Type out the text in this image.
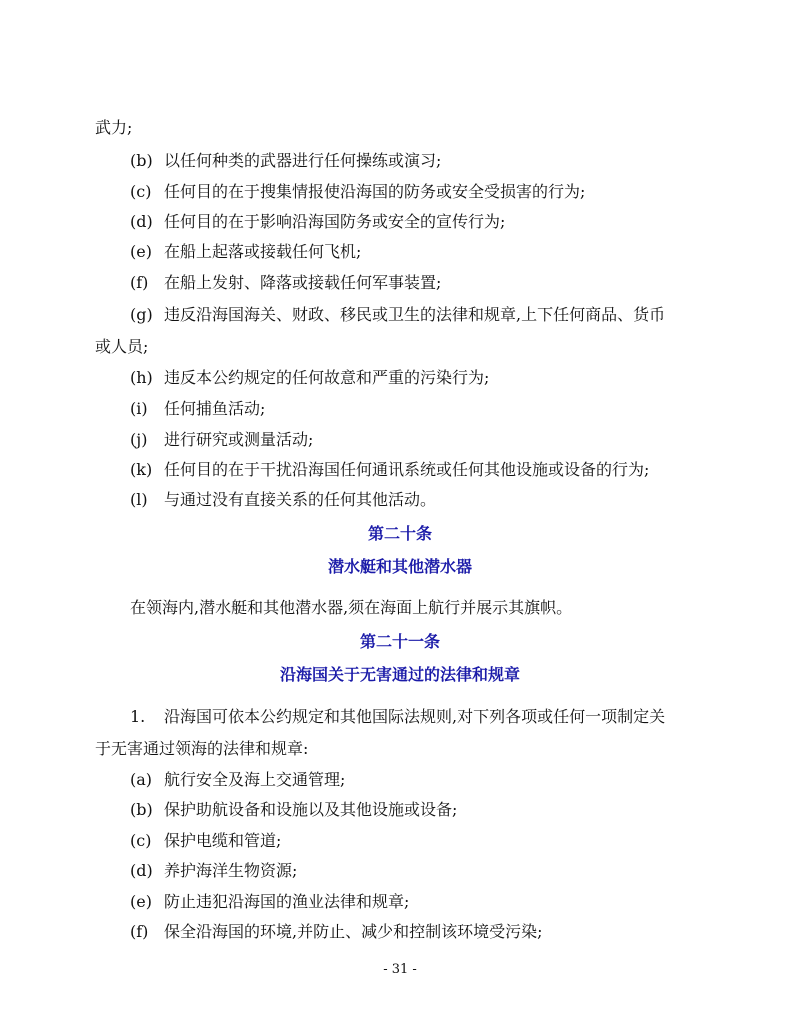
武力;
(b) 以任何种类的武器进行任何操练或演习;
(c) 任何目的在于搜集情报使沿海国的防务或安全受损害的行为;
(d) 任何目的在于影响沿海国防务或安全的宣传行为;
(e) 在船上起落或接载任何飞机;
(f) 在船上发射、降落或接载任何军事装置;
(g) 违反沿海国海关、财政、移民或卫生的法律和规章,上下任何商品、货币
或人员;
(h) 违反本公约规定的任何故意和严重的污染行为;
(i) 任何捕鱼活动;
(j) 进行研究或测量活动;
(k) 任何目的在于干扰沿海国任何通讯系统或任何其他设施或设备的行为;
(l) 与通过没有直接关系的任何其他活动。
第二十条
潜水艇和其他潜水器
在领海内,潜水艇和其他潜水器,须在海面上航行并展示其旗帜。
第二十一条
沿海国关于无害通过的法律和规章
1. 沿海国可依本公约规定和其他国际法规则,对下列各项或任何一项制定关
于无害通过领海的法律和规章:
(a) 航行安全及海上交通管理;
(b) 保护助航设备和设施以及其他设施或设备;
(c) 保护电缆和管道;
(d) 养护海洋生物资源;
(e) 防止违犯沿海国的渔业法律和规章;
(f) 保全沿海国的环境,并防止、减少和控制该环境受污染;
- 31 -
